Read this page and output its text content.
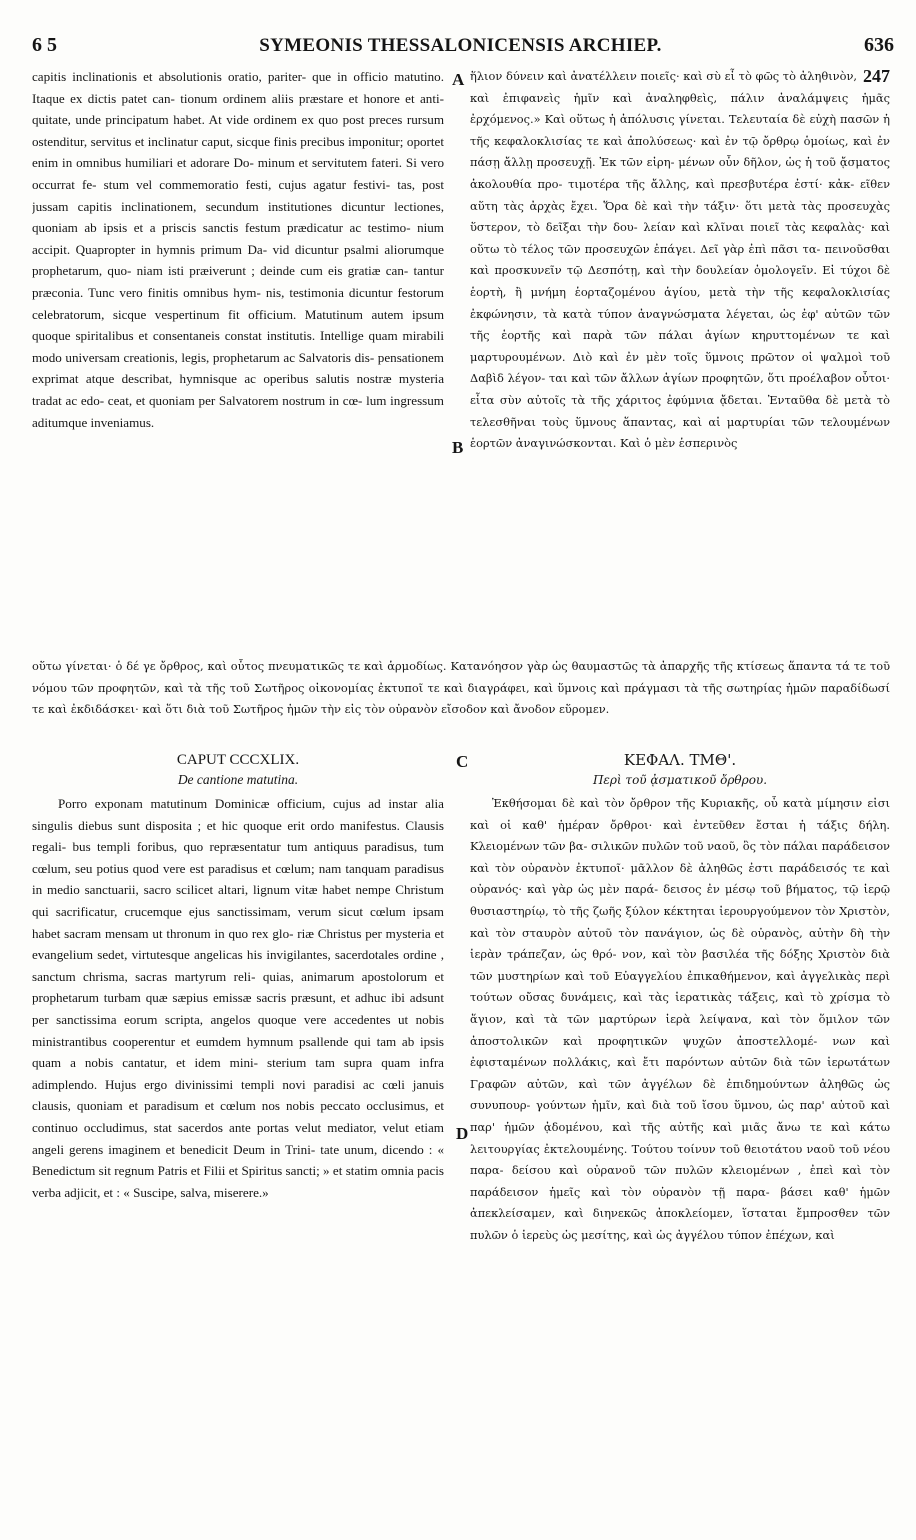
6 5	SYMEONIS THESSALONICENSIS ARCHIEP.	636

capitis inclinationis et absolutionis oratio, pariter- que in officio matutino. Itaque ex dictis patet can- tionum ordinem aliis præstare et honore et anti- quitate, unde principatum habet. At vide ordinem ex quo post preces rursum ostenditur, servitus et inclinatur caput, sicque finis precibus imponitur; oportet enim in omnibus humiliari et adorare Do- minum et servitutem fateri. Si vero occurrat fe- stum vel commemoratio festi, cujus agatur festivi- tas, post jussam capitis inclinationem, secundum institutiones dicuntur lectiones, quoniam ab ipsis et a priscis sanctis festum prædicatur ac testimo- nium accipit. Quapropter in hymnis primum Da- vid dicuntur psalmi aliorumque prophetarum, quo- niam isti præiverunt ; deinde cum eis gratiæ can- tantur præconia. Tunc vero finitis omnibus hym- nis, testimonia dicuntur festorum celebratorum, sicque vespertinum fit officium. Matutinum autem ipsum quoque spiritalibus et consentaneis constat institutis. Intellige quam mirabili modo universam creationis, legis, prophetarum ac Salvatoris dis- pensationem exprimat atque describat, hymnisque ac operibus salutis nostræ mysteria tradat ac edo- ceat, et quoniam per Salvatorem nostrum in cœ- lum ingressum aditumque inveniamus.

247
ἥλιον δύνειν καὶ ἀνατέλλειν ποιεῖς· καὶ σὺ εἶ τὸ φῶς τὸ ἀληθινὸν, καὶ ἐπιφανεὶς ἡμῖν καὶ ἀναληφθεὶς, πάλιν ἀναλάμψεις ἡμᾶς ἐρχόμενος.» Καὶ οὕτως ἡ ἀπόλυσις γίνεται. Τελευταία δὲ εὐχὴ πασῶν ἡ τῆς κεφαλοκλισίας τε καὶ ἀπολύσεως· καὶ ἐν τῷ ὄρθρῳ ὁμοίως, καὶ ἐν πάσῃ ἄλλῃ προσευχῇ. Ἐκ τῶν εἰρη- μένων οὖν δῆλον, ὡς ἡ τοῦ ᾄσματος ἀκολουθία προ- τιμοτέρα τῆς ἄλλης, καὶ πρεσβυτέρα ἐστί· κἀκ- εῖθεν αὕτη τὰς ἀρχὰς ἔχει. Ὅρα δὲ καὶ τὴν τάξιν· ὅτι μετὰ τὰς προσευχὰς ὕστερον, τὸ δεῖξαι τὴν δου- λείαν καὶ κλῖναι ποιεῖ τὰς κεφαλὰς· καὶ οὕτω τὸ τέλος τῶν προσευχῶν ἐπάγει. Δεῖ γὰρ ἐπὶ πᾶσι τα- πεινοῦσθαι καὶ προσκυνεῖν τῷ Δεσπότῃ, καὶ τὴν δουλείαν ὁμολογεῖν. Εἰ τύχοι δὲ ἑορτὴ, ἢ μνήμη ἑορταζομένου ἁγίου, μετὰ τὴν τῆς κεφαλοκλισίας ἐκφώνησιν, τὰ κατὰ τύπον ἀναγνώσματα λέγεται, ὡς ἐφ' αὐτῶν τῶν τῆς ἑορτῆς καὶ παρὰ τῶν πάλαι ἁγίων κηρυττομένων τε καὶ μαρτυρουμένων. Διὸ καὶ ἐν μὲν τοῖς ὕμνοις πρῶτον οἱ ψαλμοὶ τοῦ Δαβὶδ λέγον- ται καὶ τῶν ἄλλων ἁγίων προφητῶν, ὅτι προέλαβον οὗτοι· εἶτα σὺν αὐτοῖς τὰ τῆς χάριτος ἐφύμνια ᾄδεται. Ἐνταῦθα δὲ μετὰ τὸ τελεσθῆναι τοὺς ὕμνους ἅπαντας, καὶ αἱ μαρτυρίαι τῶν τελουμένων ἑορτῶν ἀναγινώσκονται. Καὶ ὁ μὲν ἑσπερινὸς

οὕτω γίνεται· ὁ δέ γε ὄρθρος, καὶ οὗτος πνευματικῶς τε καὶ ἁρμοδίως. Κατανόησον γὰρ ὡς θαυμαστῶς τὰ ἀπαρχῆς τῆς κτίσεως ἅπαντα τά τε τοῦ νόμου τῶν προφητῶν, καὶ τὰ τῆς τοῦ Σωτῆρος οἰκονομίας ἐκτυποῖ τε καὶ διαγράφει, καὶ ὕμνοις καὶ πράγμασι τὰ τῆς σωτηρίας ἡμῶν παραδίδωσί τε καὶ ἐκδιδάσκει· καὶ ὅτι διὰ τοῦ Σωτῆρος ἡμῶν τὴν εἰς τὸν οὐρανὸν εἴσοδον καὶ ἄνοδον εὕρομεν.

CAPUT CCCXLIX.

De cantione matutina.

Porro exponam matutinum Dominicæ officium, cujus ad instar alia singulis diebus sunt disposita ; et hic quoque erit ordo manifestus. Clausis regali- bus templi foribus, quo repræsentatur tum antiquus paradisus, tum cœlum, seu potius quod vere est paradisus et cœlum; nam tanquam paradisus in medio sanctuarii, sacro scilicet altari, lignum vitæ habet nempe Christum qui sacrificatur, crucemque ejus sanctissimam, verum sicut cœlum ipsam habet sacram mensam ut thronum in quo rex glo- riæ Christus per mysteria et evangelium sedet, virtutesque angelicas his invigilantes, sacerdotales ordine , sanctum chrisma, sacras martyrum reli- quias, animarum apostolorum et prophetarum turbam quæ sæpius emissæ sacris præsunt, et adhuc ibi adsunt per sanctissima eorum scripta, angelos quoque vere accedentes ut nobis ministrantibus cooperentur et eumdem hymnum psallende qui tam ab ipsis quam a nobis cantatur, et idem mini- sterium tam supra quam infra adimplendo. Hujus ergo divinissimi templi novi paradisi ac cœli januis clausis, quoniam et paradisum et cœlum nos nobis peccato occlusimus, et continuo occludimus, stat sacerdos ante portas velut mediator, velut etiam angeli gerens imaginem et benedicit Deum in Trini- tate unum, dicendo : « Benedictum sit regnum Patris et Filii et Spiritus sancti; » et statim omnia pacis verba adjicit, et : « Suscipe, salva, miserere.»

ΚΕΦΑΛ. ΤΜΘ'.

Περὶ τοῦ ᾀσματικοῦ ὄρθρου.

Ἐκθήσομαι δὲ καὶ τὸν ὄρθρον τῆς Κυριακῆς, οὗ κατὰ μίμησιν εἰσι καὶ οἱ καθ' ἡμέραν ὄρθροι· καὶ ἐντεῦθεν ἔσται ἡ τάξις δήλη. Κλειομένων τῶν βα- σιλικῶν πυλῶν τοῦ ναοῦ, ὃς τὸν πάλαι παράδεισον καὶ τὸν οὐρανὸν ἐκτυποῖ· μᾶλλον δὲ ἀληθῶς ἐστι παράδεισός τε καὶ οὐρανός· καὶ γὰρ ὡς μὲν παρά- δεισος ἐν μέσῳ τοῦ βήματος, τῷ ἱερῷ θυσιαστηρίῳ, τὸ τῆς ζωῆς ξύλον κέκτηται ἱερουργούμενον τὸν Χριστὸν, καὶ τὸν σταυρὸν αὐτοῦ τὸν πανάγιον, ὡς δὲ οὐρανὸς, αὐτὴν δὴ τὴν ἱερὰν τράπεζαν, ὡς θρό- νον, καὶ τὸν βασιλέα τῆς δόξης Χριστὸν διὰ τῶν μυστηρίων καὶ τοῦ Εὐαγγελίου ἐπικαθήμενον, καὶ ἀγγελικὰς περὶ τούτων οὔσας δυνάμεις, καὶ τὰς ἱερατικὰς τάξεις, καὶ τὸ χρίσμα τὸ ἅγιον, καὶ τὰ τῶν μαρτύρων ἱερὰ λείψανα, καὶ τὸν ὅμιλον τῶν ἀποστολικῶν καὶ προφητικῶν ψυχῶν ἀποστελλομέ- νων καὶ ἐφισταμένων πολλάκις, καὶ ἔτι παρόντων αὐτῶν διὰ τῶν ἱερωτάτων Γραφῶν αὐτῶν, καὶ τῶν ἀγγέλων δὲ ἐπιδημούντων ἀληθῶς ὡς συνυπουρ- γούντων ἡμῖν, καὶ διὰ τοῦ ἴσου ὕμνου, ὡς παρ' αὐτοῦ καὶ παρ' ἡμῶν ᾀδομένου, καὶ τῆς αὐτῆς καὶ μιᾶς ἄνω τε καὶ κάτω λειτουργίας ἐκτελουμένης. Τούτου τοίνυν τοῦ θειοτάτου ναοῦ τοῦ νέου παρα- δείσου καὶ οὐρανοῦ τῶν πυλῶν κλειομένων , ἐπεὶ καὶ τὸν παράδεισον ἡμεῖς καὶ τὸν οὐρανὸν τῇ παρα- βάσει καθ' ἡμῶν ἀπεκλείσαμεν, καὶ διηνεκῶς ἀποκλείομεν, ἵσταται ἔμπροσθεν τῶν πυλῶν ὁ ἱερεὺς ὡς μεσίτης, καὶ ὡς ἀγγέλου τύπον ἐπέχων, καὶ

A
B
C
D
